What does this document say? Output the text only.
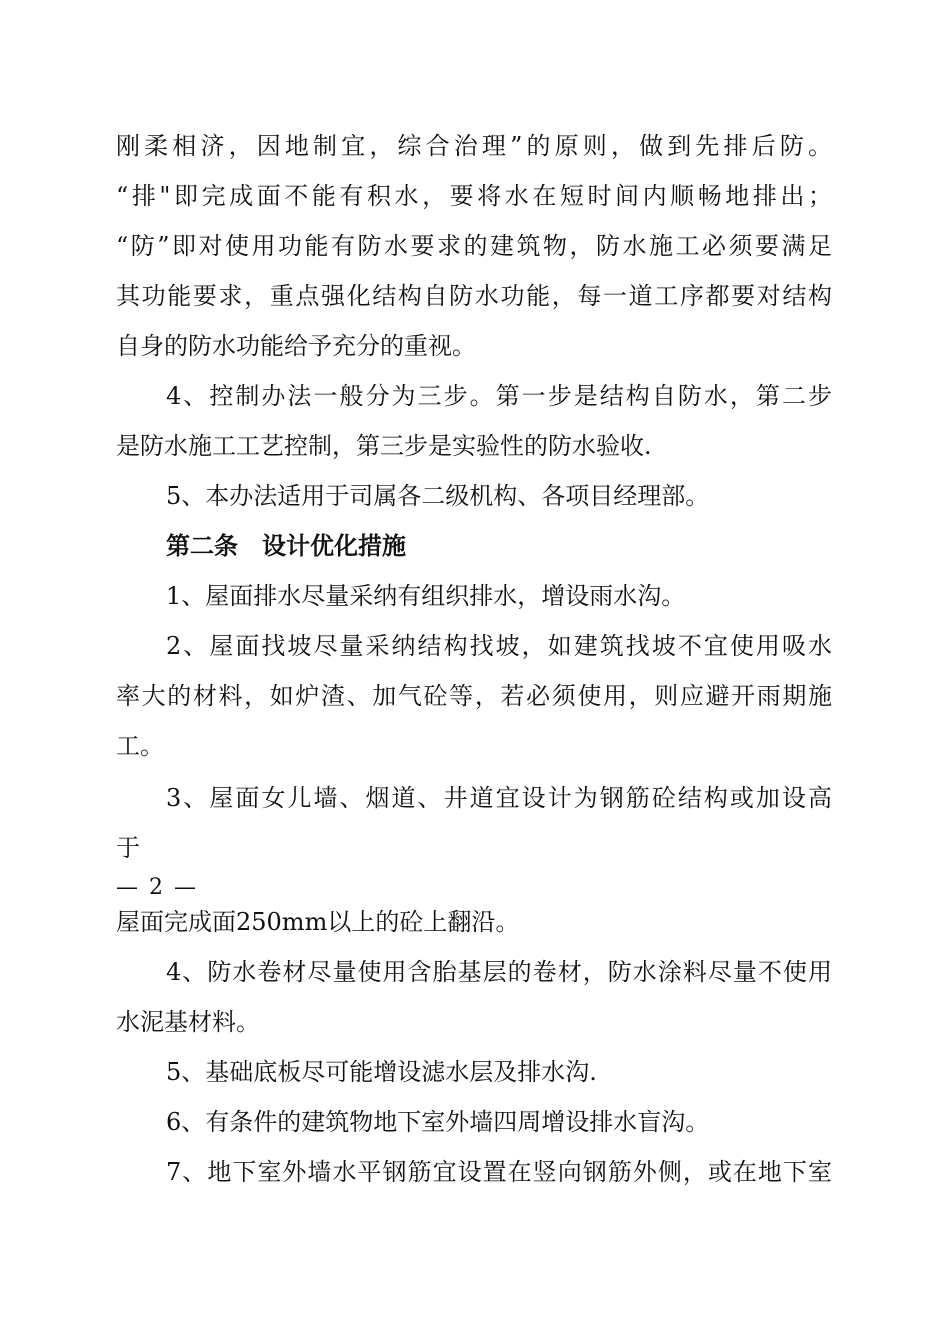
刚柔相济，因地制宜，综合治理”的原则，做到先排后防。
“排"即完成面不能有积水，要将水在短时间内顺畅地排出；
“防”即对使用功能有防水要求的建筑物，防水施工必须要满足
其功能要求，重点强化结构自防水功能，每一道工序都要对结构
自身的防水功能给予充分的重视。
4、控制办法一般分为三步。第一步是结构自防水，第二步
是防水施工工艺控制，第三步是实验性的防水验收.
5、本办法适用于司属各二级机构、各项目经理部。
第二条　设计优化措施
1、屋面排水尽量采纳有组织排水，增设雨水沟。
2、屋面找坡尽量采纳结构找坡，如建筑找坡不宜使用吸水
率大的材料，如炉渣、加气砼等，若必须使用，则应避开雨期施
工。
3、屋面女儿墙、烟道、井道宜设计为钢筋砼结构或加设高
于
— 2 —
屋面完成面250mm以上的砼上翻沿。
4、防水卷材尽量使用含胎基层的卷材，防水涂料尽量不使用
水泥基材料。
5、基础底板尽可能增设滤水层及排水沟.
6、有条件的建筑物地下室外墙四周增设排水盲沟。
7、地下室外墙水平钢筋宜设置在竖向钢筋外侧，或在地下室
